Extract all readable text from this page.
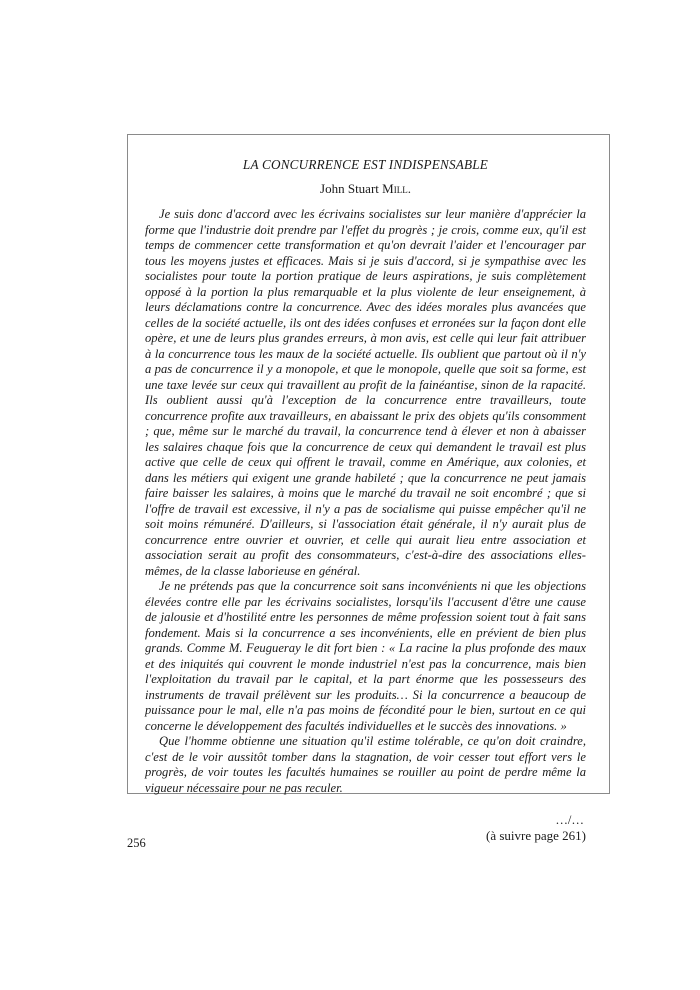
LA CONCURRENCE EST INDISPENSABLE
John Stuart Mill.

Je suis donc d'accord avec les écrivains socialistes sur leur manière d'apprécier la forme que l'industrie doit prendre par l'effet du progrès ; je crois, comme eux, qu'il est temps de commencer cette transformation et qu'on devrait l'aider et l'encourager par tous les moyens justes et efficaces. Mais si je suis d'accord, si je sympathise avec les socialistes pour toute la portion pratique de leurs aspirations, je suis complètement opposé à la portion la plus remarquable et la plus violente de leur enseignement, à leurs déclamations contre la concurrence. Avec des idées morales plus avancées que celles de la société actuelle, ils ont des idées confuses et erronées sur la façon dont elle opère, et une de leurs plus grandes erreurs, à mon avis, est celle qui leur fait attribuer à la concurrence tous les maux de la société actuelle. Ils oublient que partout où il n'y a pas de concurrence il y a monopole, et que le monopole, quelle que soit sa forme, est une taxe levée sur ceux qui travaillent au profit de la fainéantise, sinon de la rapacité. Ils oublient aussi qu'à l'exception de la concurrence entre travailleurs, toute concurrence profite aux travailleurs, en abaissant le prix des objets qu'ils consomment ; que, même sur le marché du travail, la concurrence tend à élever et non à abaisser les salaires chaque fois que la concurrence de ceux qui demandent le travail est plus active que celle de ceux qui offrent le travail, comme en Amérique, aux colonies, et dans les métiers qui exigent une grande habileté ; que la concurrence ne peut jamais faire baisser les salaires, à moins que le marché du travail ne soit encombré ; que si l'offre de travail est excessive, il n'y a pas de socialisme qui puisse empêcher qu'il ne soit moins rémunéré. D'ailleurs, si l'association était générale, il n'y aurait plus de concurrence entre ouvrier et ouvrier, et celle qui aurait lieu entre association et association serait au profit des consommateurs, c'est-à-dire des associations elles-mêmes, de la classe laborieuse en général.

Je ne prétends pas que la concurrence soit sans inconvénients ni que les objections élevées contre elle par les écrivains socialistes, lorsqu'ils l'accusent d'être une cause de jalousie et d'hostilité entre les personnes de même profession soient tout à fait sans fondement. Mais si la concurrence a ses inconvénients, elle en prévient de bien plus grands. Comme M. Feugueray le dit fort bien : « La racine la plus profonde des maux et des iniquités qui couvrent le monde industriel n'est pas la concurrence, mais bien l'exploitation du travail par le capital, et la part énorme que les possesseurs des instruments de travail prélèvent sur les produits… Si la concurrence a beaucoup de puissance pour le mal, elle n'a pas moins de fécondité pour le bien, surtout en ce qui concerne le développement des facultés individuelles et le succès des innovations. »

Que l'homme obtienne une situation qu'il estime tolérable, ce qu'on doit craindre, c'est de le voir aussitôt tomber dans la stagnation, de voir cesser tout effort vers le progrès, de voir toutes les facultés humaines se rouiller au point de perdre même la vigueur nécessaire pour ne pas reculer.

…/…
(à suivre page 261)
256
